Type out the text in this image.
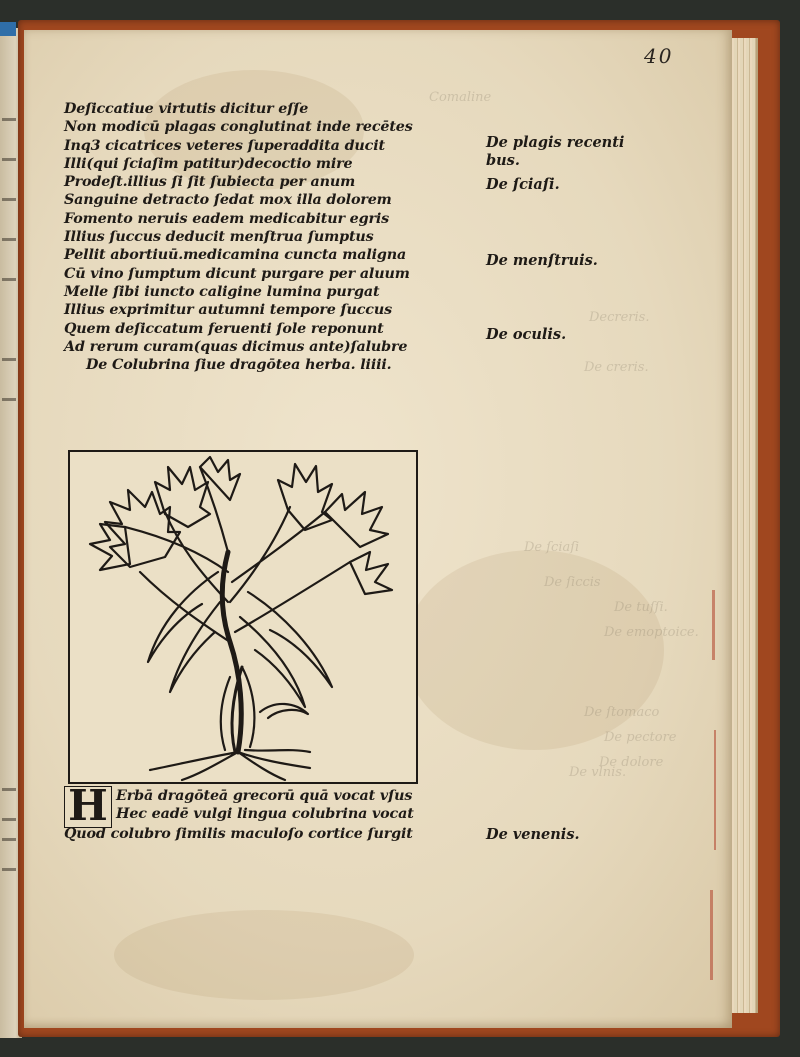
Comaline
Decreris.
De creris.
De ſciaſi
De ſiccis
De tuſſi.
De emoptoice.
De ſtomaco
De pectore
De vlnis.
De dolore
40
Deſiccatiue virtutis dicitur eſſe
Non modicū plagas conglutinat inde recētes
Inq3 cicatrices veteres ſuperaddita ducit
Illi(qui ſciaſim patitur)decoctio mire
Prodeſt.illius ſi ſit ſubiecta per anum
Sanguine detracto ſedat mox illa dolorem
Fomento neruis eadem medicabitur egris
Illius ſuccus deducit menſtrua ſumptus
Pellit abortiuū.medicamina cuncta maligna
Cū vino ſumptum dicunt purgare per aluum
Melle ſibi iuncto caligine lumina purgat
Illius exprimitur autumni tempore ſuccus
Quem deſiccatum feruenti ſole reponunt
Ad rerum curam(quas dicimus ante)ſalubre
De Colubrina ſiue dragōtea herba. liiii.
H Erbā dragōteā grecorū quā vocat vſus
Hec eadē vulgi lingua colubrina vocat
Quod colubro ſimilis maculoſo cortice ſurgit
De plagis recenti
bus.
De ſciaſi.
De menſtruis.
De oculis.
De venenis.
